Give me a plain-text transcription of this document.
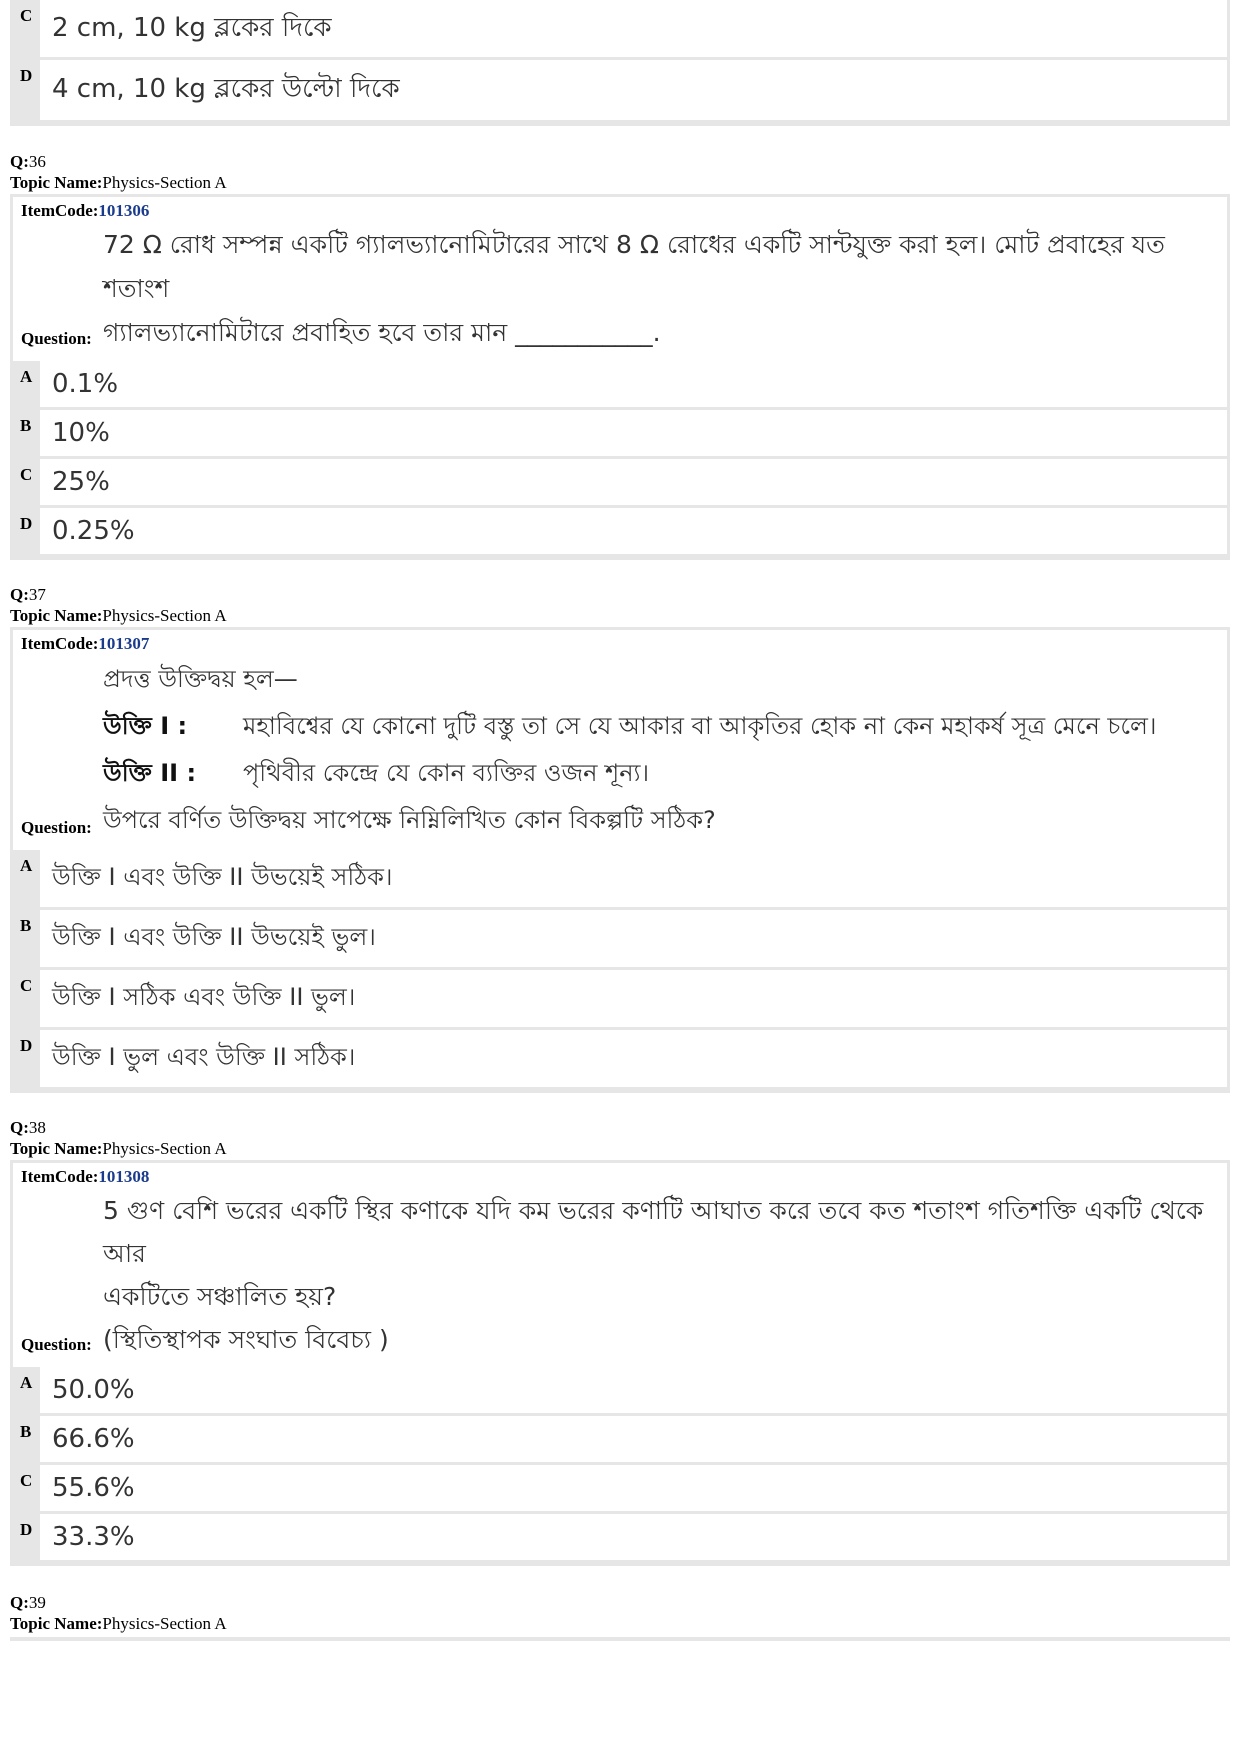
C 2 cm, 10 kg ব্লকের দিকে
D 4 cm, 10 kg ব্লকের উল্টো দিকে
Q:36
Topic Name:Physics-Section A
ItemCode:101306
Question:
72 Ω রোধ সম্পন্ন একটি গ্যালভ্যানোমিটারের সাথে 8 Ω রোধের একটি সান্টযুক্ত করা হল। মোট প্রবাহের যত শতাংশ
গ্যালভ্যানোমিটারে প্রবাহিত হবে তার মান ___________.
A 0.1%
B 10%
C 25%
D 0.25%
Q:37
Topic Name:Physics-Section A
ItemCode:101307
Question:
প্রদত্ত উক্তিদ্বয় হল—
উক্তি I :	মহাবিশ্বের যে কোনো দুটি বস্তু তা সে যে আকার বা আকৃতির হোক না কেন মহাকর্ষ সূত্র মেনে চলে।
উক্তি II :	পৃথিবীর কেন্দ্রে যে কোন ব্যক্তির ওজন শূন্য।
উপরে বর্ণিত উক্তিদ্বয় সাপেক্ষে নিম্নিলিখিত কোন বিকল্পটি সঠিক?
A উক্তি I এবং উক্তি II উভয়েই সঠিক।
B উক্তি I এবং উক্তি II উভয়েই ভুল।
C উক্তি I সঠিক এবং উক্তি II ভুল।
D উক্তি I ভুল এবং উক্তি II সঠিক।
Q:38
Topic Name:Physics-Section A
ItemCode:101308
Question:
5 গুণ বেশি ভরের একটি স্থির কণাকে যদি কম ভরের কণাটি আঘাত করে তবে কত শতাংশ গতিশক্তি একটি থেকে আর
একটিতে সঞ্চালিত হয়?
(স্থিতিস্থাপক সংঘাত বিবেচ্য )
A 50.0%
B 66.6%
C 55.6%
D 33.3%
Q:39
Topic Name:Physics-Section A
